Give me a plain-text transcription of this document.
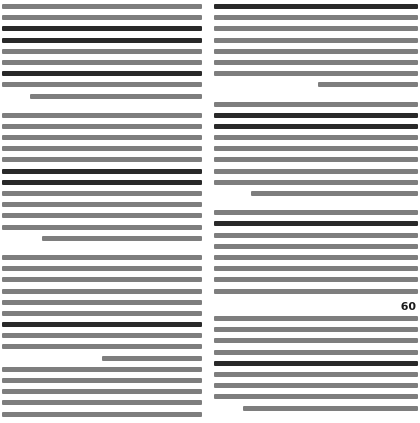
60
